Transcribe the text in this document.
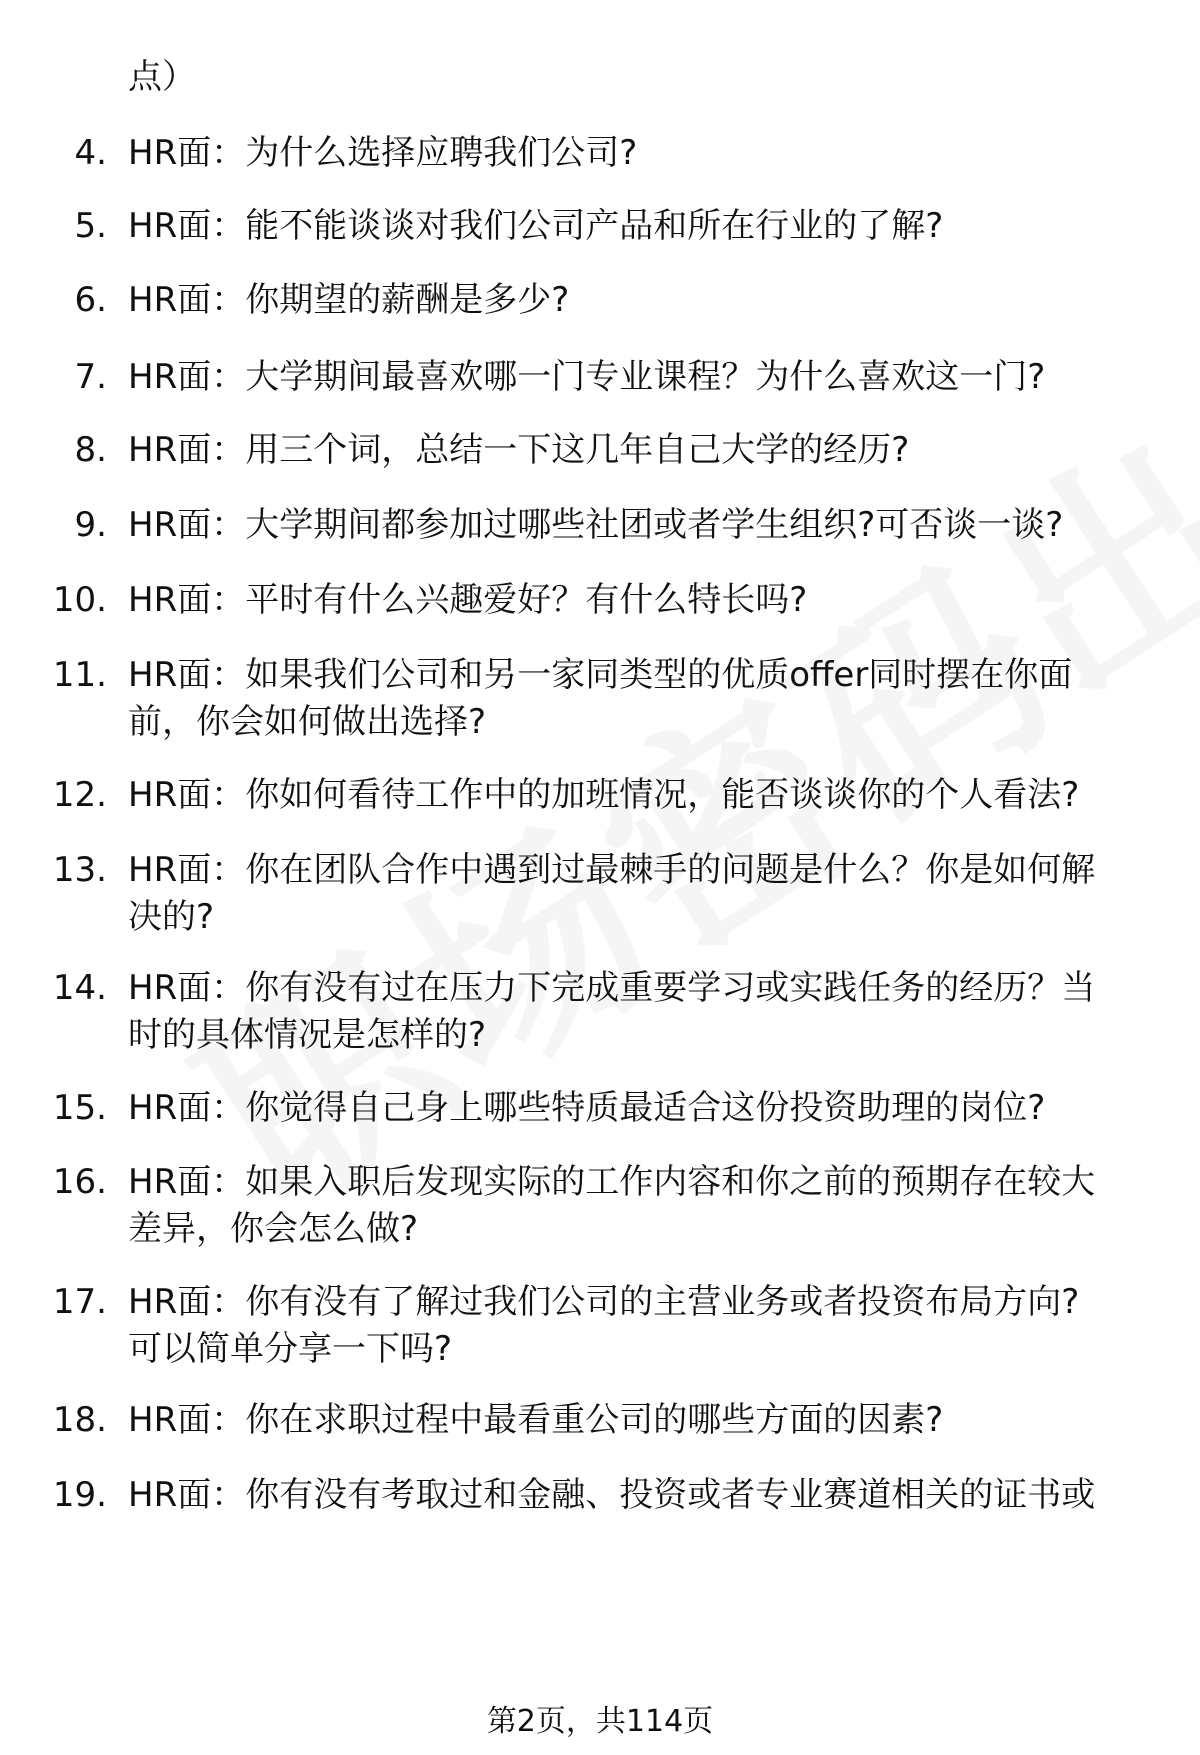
点）
4. HR面：为什么选择应聘我们公司?
5. HR面：能不能谈谈对我们公司产品和所在行业的了解?
6. HR面：你期望的薪酬是多少?
7. HR面：大学期间最喜欢哪一门专业课程？为什么喜欢这一门?
8. HR面：用三个词，总结一下这几年自己大学的经历?
9. HR面：大学期间都参加过哪些社团或者学生组织?可否谈一谈?
10. HR面：平时有什么兴趣爱好？有什么特长吗?
11. HR面：如果我们公司和另一家同类型的优质offer同时摆在你面
前，你会如何做出选择?
12. HR面：你如何看待工作中的加班情况，能否谈谈你的个人看法?
13. HR面：你在团队合作中遇到过最棘手的问题是什么？你是如何解
决的?
14. HR面：你有没有过在压力下完成重要学习或实践任务的经历？当
时的具体情况是怎样的?
15. HR面：你觉得自己身上哪些特质最适合这份投资助理的岗位?
16. HR面：如果入职后发现实际的工作内容和你之前的预期存在较大
差异，你会怎么做?
17. HR面：你有没有了解过我们公司的主营业务或者投资布局方向?
可以简单分享一下吗?
18. HR面：你在求职过程中最看重公司的哪些方面的因素?
19. HR面：你有没有考取过和金融、投资或者专业赛道相关的证书或
第2页，共114页
